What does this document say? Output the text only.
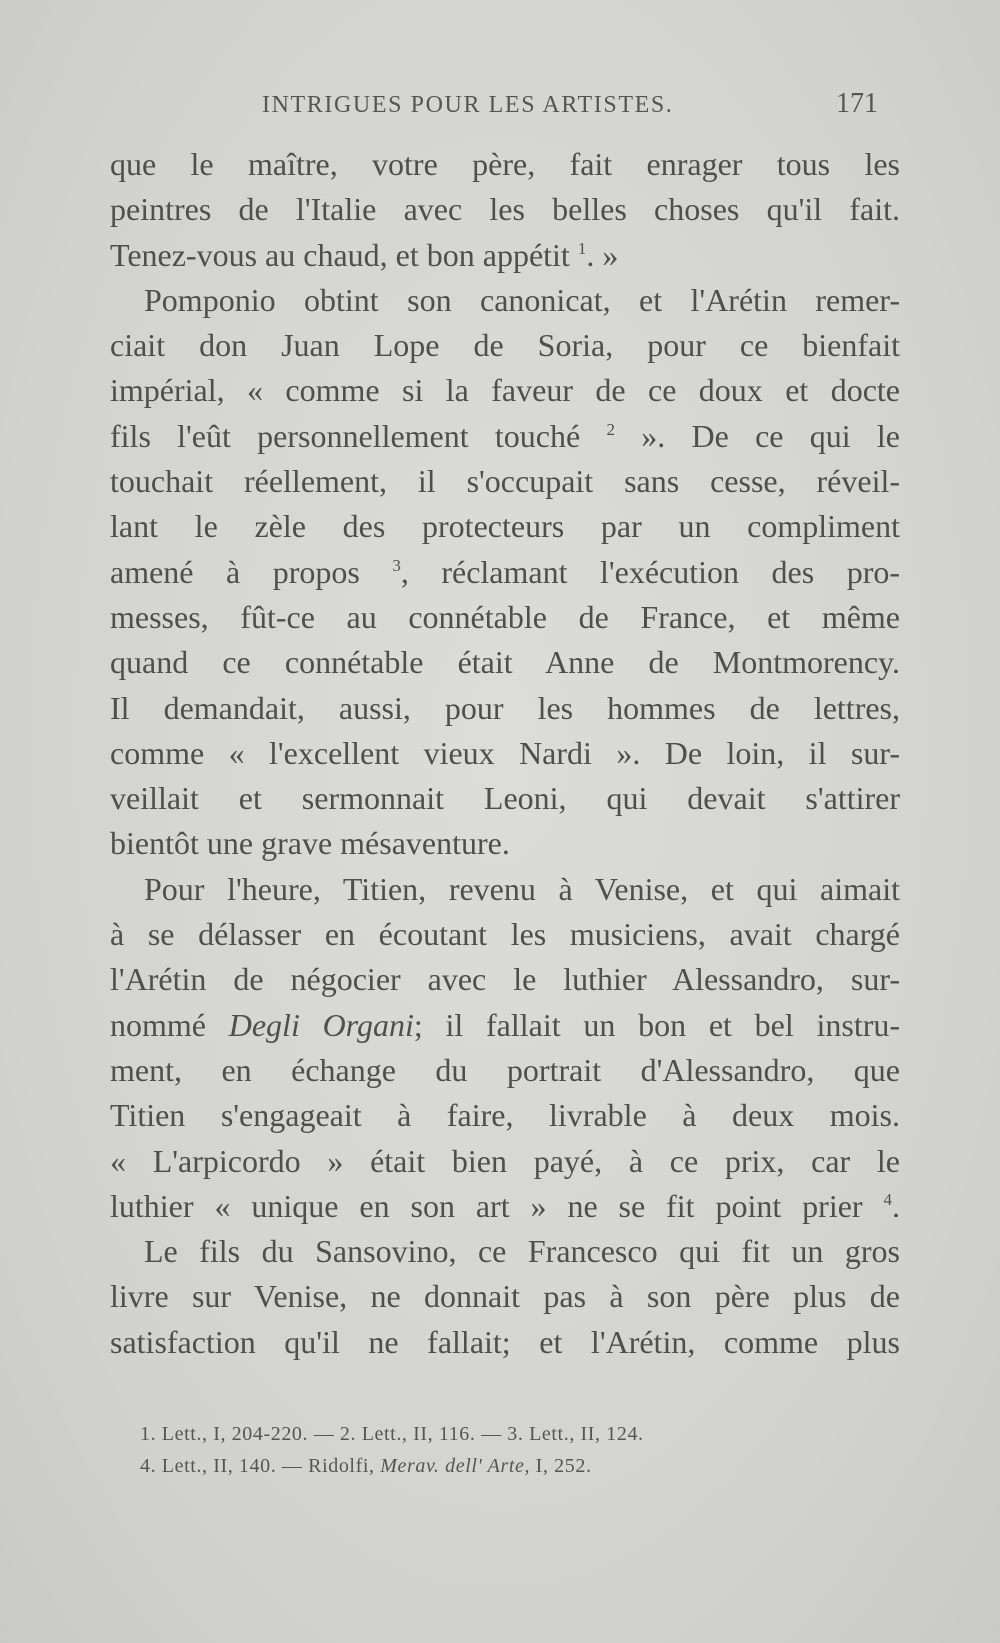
INTRIGUES POUR LES ARTISTES.	171
que le maître, votre père, fait enrager tous les
peintres de l'Italie avec les belles choses qu'il fait.
Tenez-vous au chaud, et bon appétit $^1$. »
Pomponio obtint son canonicat, et l'Arétin remer-
ciait don Juan Lope de Soria, pour ce bienfait
impérial, « comme si la faveur de ce doux et docte
fils l'eût personnellement touché $^2$ ». De ce qui le
touchait réellement, il s'occupait sans cesse, réveil-
lant le zèle des protecteurs par un compliment
amené à propos $^3$, réclamant l'exécution des pro-
messes, fût-ce au connétable de France, et même
quand ce connétable était Anne de Montmorency.
Il demandait, aussi, pour les hommes de lettres,
comme « l'excellent vieux Nardi ». De loin, il sur-
veillait et sermonnait Leoni, qui devait s'attirer
bientôt une grave mésaventure.
Pour l'heure, Titien, revenu à Venise, et qui aimait
à se délasser en écoutant les musiciens, avait chargé
l'Arétin de négocier avec le luthier Alessandro, sur-
nommé Degli Organi; il fallait un bon et bel instru-
ment, en échange du portrait d'Alessandro, que
Titien s'engageait à faire, livrable à deux mois.
« L'arpicordo » était bien payé, à ce prix, car le
luthier « unique en son art » ne se fit point prier $^4$.
Le fils du Sansovino, ce Francesco qui fit un gros
livre sur Venise, ne donnait pas à son père plus de
satisfaction qu'il ne fallait; et l'Arétin, comme plus
1. Lett., I, 204-220. — 2. Lett., II, 116. — 3. Lett., II, 124.
4. Lett., II, 140. — Ridolfi, Merav. dell' Arte, I, 252.
